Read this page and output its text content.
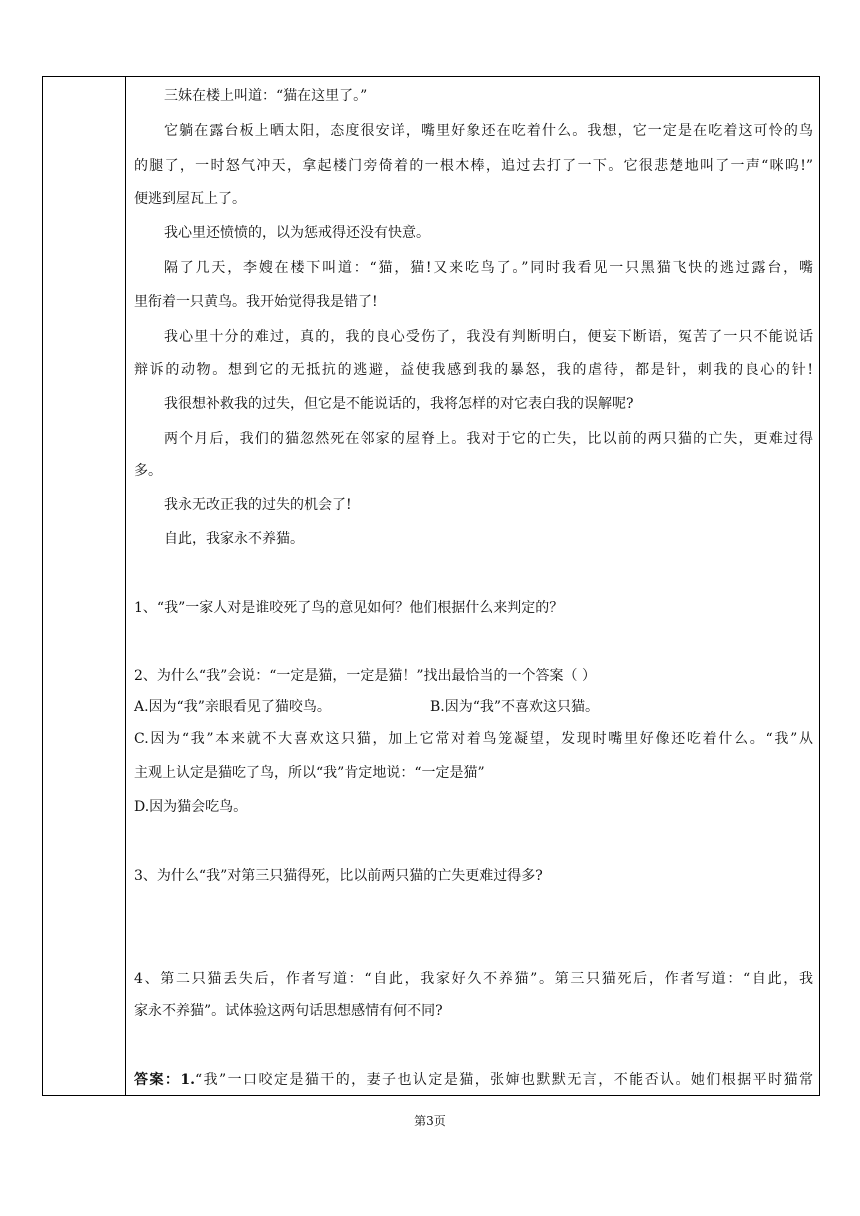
三妹在楼上叫道：“猫在这里了。”
它躺在露台板上晒太阳，态度很安详，嘴里好象还在吃着什么。我想，它一定是在吃着这可怜的鸟
的腿了，一时怒气冲天，拿起楼门旁倚着的一根木棒，追过去打了一下。它很悲楚地叫了一声“咪呜!”
便逃到屋瓦上了。
我心里还愤愤的，以为惩戒得还没有快意。
隔了几天，李嫂在楼下叫道：“猫，猫!又来吃鸟了。”同时我看见一只黑猫飞快的逃过露台，嘴
里衔着一只黄鸟。我开始觉得我是错了!
我心里十分的难过，真的，我的良心受伤了，我没有判断明白，便妄下断语，冤苦了一只不能说话
辩诉的动物。想到它的无抵抗的逃避，益使我感到我的暴怒，我的虐待，都是针，刺我的良心的针!
我很想补救我的过失，但它是不能说话的，我将怎样的对它表白我的误解呢?
两个月后，我们的猫忽然死在邻家的屋脊上。我对于它的亡失，比以前的两只猫的亡失，更难过得
多。
我永无改正我的过失的机会了!
自此，我家永不养猫。
1、“我”一家人对是谁咬死了鸟的意见如何？他们根据什么来判定的？
2、为什么“我”会说：“一定是猫，一定是猫！”找出最恰当的一个答案（ ）
A.因为“我”亲眼看见了猫咬鸟。	B.因为“我”不喜欢这只猫。
C.因为“我”本来就不大喜欢这只猫，加上它常对着鸟笼凝望，发现时嘴里好像还吃着什么。“我”从
主观上认定是猫吃了鸟，所以“我”肯定地说：“一定是猫”
D.因为猫会吃鸟。
3、为什么“我”对第三只猫得死，比以前两只猫的亡失更难过得多?
4、第二只猫丢失后，作者写道：“自此，我家好久不养猫”。第三只猫死后，作者写道：“自此，我
家永不养猫”。试体验这两句话思想感情有何不同?
答案：1.“我”一口咬定是猫干的，妻子也认定是猫，张婶也默默无言，不能否认。她们根据平时猫常
第3页
